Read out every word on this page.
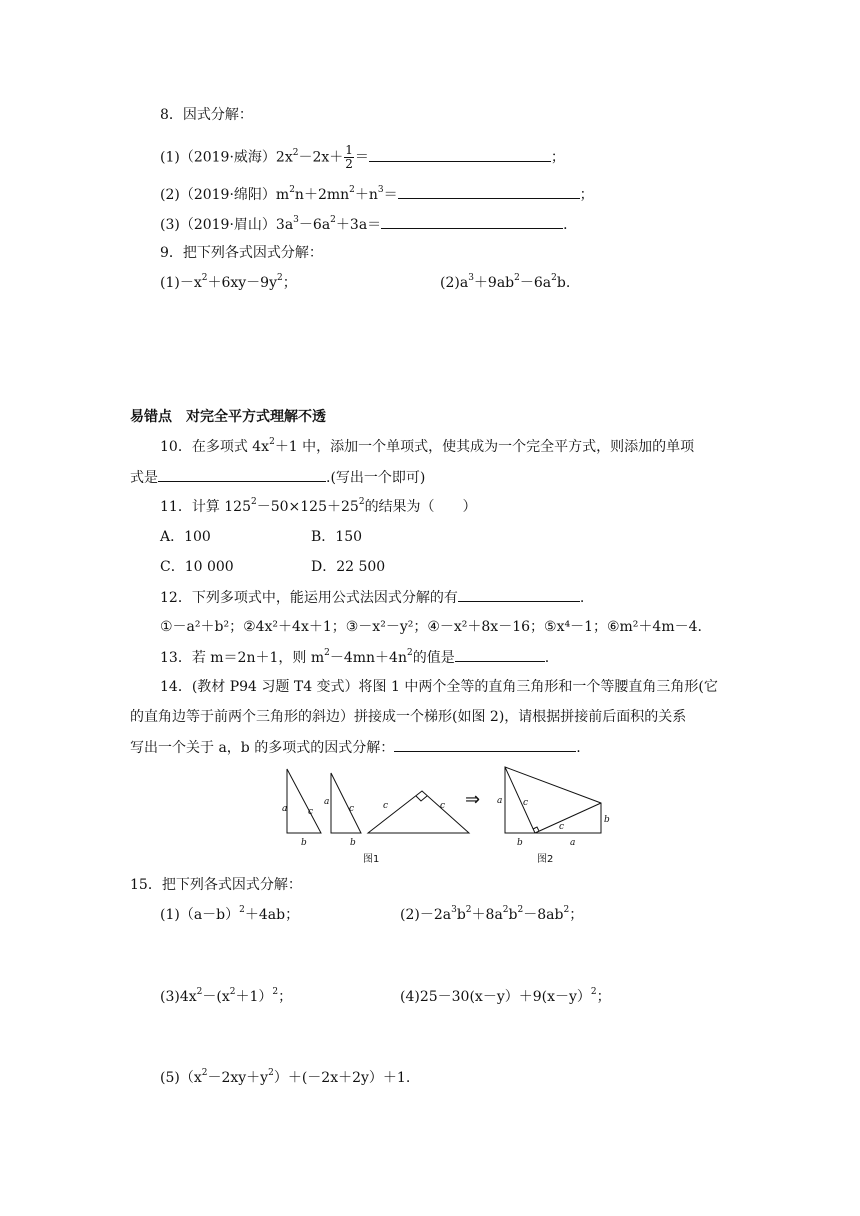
8．因式分解：
(1)（2019·威海）$2x^2-2x+ \frac{1}{2}$ ＝	；
(2)（2019·绵阳）$m^2n+2mn^2+n^3=$	；
(3)（2019·眉山）$3a^3-6a^2+3a=$	．
9．把下列各式因式分解：
$(1)-x^2+6xy-9y^2$；	$(2)a^3+9ab^2-6a^2b$.
易错点　对完全平方式理解不透
10．在多项式 $4x^2+1$ 中，添加一个单项式，使其成为一个完全平方式，则添加的单项
式是	.(写出一个即可)
11．计算 $125^2-50\times 125+25^2$的结果为（　　）
A．100	B．150
C．10 000	D．22 500
12．下列多项式中，能运用公式法因式分解的有	.
①－a²＋b²；②4x²＋4x＋1；③－x²－y²；④－x²＋8x－16；⑤x⁴－1；⑥m²＋4m－4.
13．若 m＝2n＋1，则 $m^2-4mn+4n^2$的值是	.
14．(教材 P94 习题 T4 变式）将图 1 中两个全等的直角三角形和一个等腰直角三角形(它
的直角边等于前两个三角形的斜边）拼接成一个梯形(如图 2)，请根据拼接前后面积的关系
写出一个关于 a，b 的多项式的因式分解：	.
a c
b
a
c
b
c	c	a c
c
b	a
b
⇒
图1	图2
15．把下列各式因式分解：
$(1)(a-b)^2+4ab$；	$(2)-2a^3b^2+8a^2b^2-8ab^2$；
$(3)4x^2-(x^2+1)^2$；	(4)25－30(x－y）＋9(x－y）$^2$；
$(5)(x^2-2xy+y^2)+(-2x+2y)+1$.
